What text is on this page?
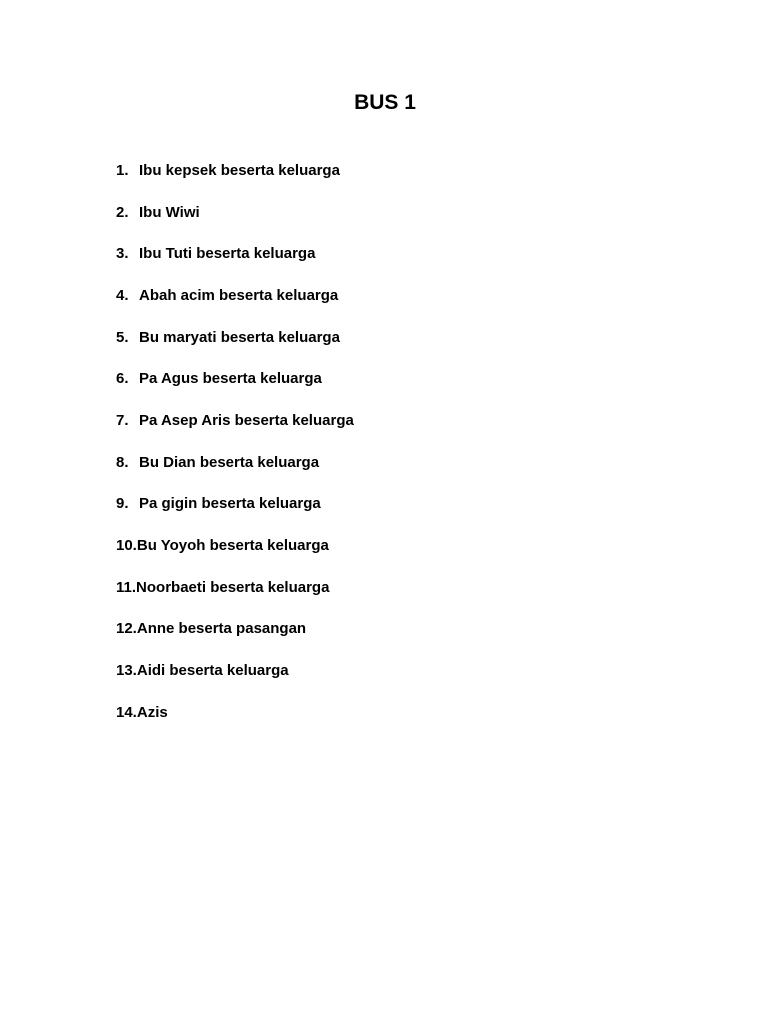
BUS 1
1. Ibu kepsek beserta keluarga
2. Ibu Wiwi
3. Ibu Tuti beserta keluarga
4. Abah acim beserta keluarga
5. Bu maryati beserta keluarga
6. Pa Agus beserta keluarga
7. Pa Asep Aris beserta keluarga
8. Bu Dian beserta keluarga
9. Pa gigin beserta keluarga
10. Bu Yoyoh beserta keluarga
11. Noorbaeti beserta keluarga
12. Anne beserta pasangan
13. Aidi beserta keluarga
14. Azis
